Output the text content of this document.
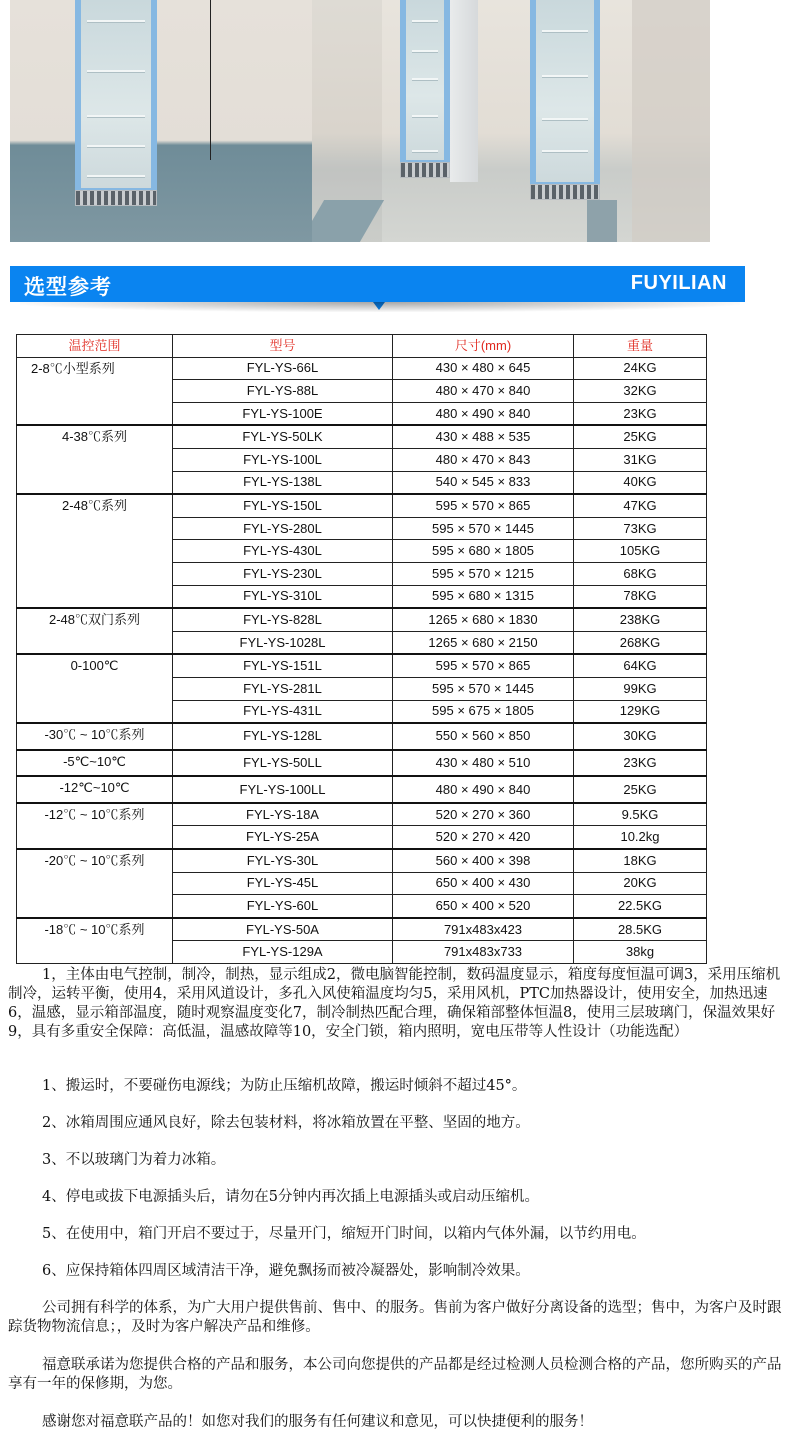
选型参考	FUYILIAN
温控范围	型号	尺寸(mm)	重量
2-8℃小型系列	FYL-YS-66L	430 × 480 × 645	24KG
	FYL-YS-88L	480 × 470 × 840	32KG
	FYL-YS-100E	480 × 490 × 840	23KG
4-38℃系列	FYL-YS-50LK	430 × 488 × 535	25KG
	FYL-YS-100L	480 × 470 × 843	31KG
	FYL-YS-138L	540 × 545 × 833	40KG
2-48℃系列	FYL-YS-150L	595 × 570 × 865	47KG
	FYL-YS-280L	595 × 570 × 1445	73KG
	FYL-YS-430L	595 × 680 × 1805	105KG
	FYL-YS-230L	595 × 570 × 1215	68KG
	FYL-YS-310L	595 × 680 × 1315	78KG
2-48℃双门系列	FYL-YS-828L	1265 × 680 × 1830	238KG
	FYL-YS-1028L	1265 × 680 × 2150	268KG
0-100℃	FYL-YS-151L	595 × 570 × 865	64KG
	FYL-YS-281L	595 × 570 × 1445	99KG
	FYL-YS-431L	595 × 675 × 1805	129KG
-30℃ ~ 10℃系列	FYL-YS-128L	550 × 560 × 850	30KG
-5℃~10℃	FYL-YS-50LL	430 × 480 × 510	23KG
-12℃~10℃	FYL-YS-100LL	480 × 490 × 840	25KG
-12℃ ~ 10℃系列	FYL-YS-18A	520 × 270 × 360	9.5KG
	FYL-YS-25A	520 × 270 × 420	10.2kg
-20℃ ~ 10℃系列	FYL-YS-30L	560 × 400 × 398	18KG
	FYL-YS-45L	650 × 400 × 430	20KG
	FYL-YS-60L	650 × 400 × 520	22.5KG
-18℃ ~ 10℃系列	FYL-YS-50A	791x483x423	28.5KG
	FYL-YS-129A	791x483x733	38kg

1，主体由电气控制，制冷，制热，显示组成2，微电脑智能控制，数码温度显示，箱度每度恒温可调3，采用压缩机制冷，运转平衡，使用4，采用风道设计，多孔入风使箱温度均匀5，采用风机，PTC加热器设计，使用安全，加热迅速6，温感，显示箱部温度，随时观察温度变化7，制冷制热匹配合理，确保箱部整体恒温8，使用三层玻璃门，保温效果好9，具有多重安全保障：高低温，温感故障等10，安全门锁，箱内照明，宽电压带等人性设计（功能选配）

1、搬运时，不要碰伤电源线；为防止压缩机故障，搬运时倾斜不超过45°。

2、冰箱周围应通风良好，除去包装材料，将冰箱放置在平整、坚固的地方。

3、不以玻璃门为着力冰箱。

4、停电或拔下电源插头后，请勿在5分钟内再次插上电源插头或启动压缩机。

5、在使用中，箱门开启不要过于，尽量开门，缩短开门时间，以箱内气体外漏，以节约用电。

6、应保持箱体四周区域清洁干净，避免飘扬而被冷凝器处，影响制冷效果。

公司拥有科学的体系，为广大用户提供售前、售中、的服务。售前为客户做好分离设备的选型；售中，为客户及时跟踪货物物流信息；，及时为客户解决产品和维修。

福意联承诺为您提供合格的产品和服务，本公司向您提供的产品都是经过检测人员检测合格的产品，您所购买的产品享有一年的保修期，为您。

感谢您对福意联产品的！如您对我们的服务有任何建议和意见，可以快捷便利的服务！
